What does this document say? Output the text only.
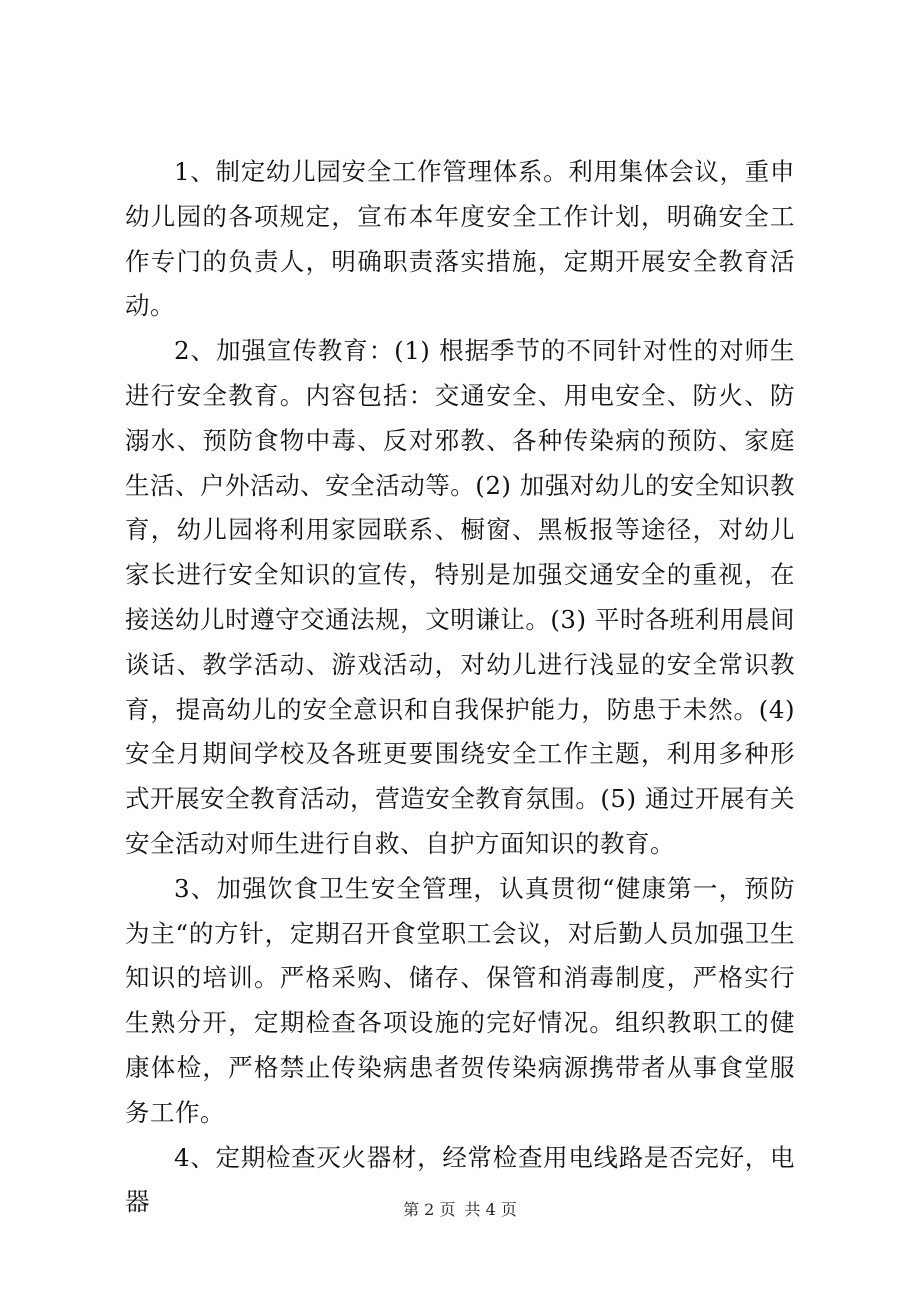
1、制定幼儿园安全工作管理体系。利用集体会议，重申幼儿园的各项规定，宣布本年度安全工作计划，明确安全工作专门的负责人，明确职责落实措施，定期开展安全教育活动。

2、加强宣传教育：(1) 根据季节的不同针对性的对师生进行安全教育。内容包括：交通安全、用电安全、防火、防溺水、预防食物中毒、反对邪教、各种传染病的预防、家庭生活、户外活动、安全活动等。(2) 加强对幼儿的安全知识教育，幼儿园将利用家园联系、橱窗、黑板报等途径，对幼儿家长进行安全知识的宣传，特别是加强交通安全的重视，在接送幼儿时遵守交通法规，文明谦让。(3) 平时各班利用晨间谈话、教学活动、游戏活动，对幼儿进行浅显的安全常识教育，提高幼儿的安全意识和自我保护能力，防患于未然。(4) 安全月期间学校及各班更要围绕安全工作主题，利用多种形式开展安全教育活动，营造安全教育氛围。(5) 通过开展有关安全活动对师生进行自救、自护方面知识的教育。

3、加强饮食卫生安全管理，认真贯彻“健康第一，预防为主“的方针，定期召开食堂职工会议，对后勤人员加强卫生知识的培训。严格采购、储存、保管和消毒制度，严格实行生熟分开，定期检查各项设施的完好情况。组织教职工的健康体检，严格禁止传染病患者贺传染病源携带者从事食堂服务工作。

4、定期检查灭火器材，经常检查用电线路是否完好，电器	第 2 页 共 4 页
